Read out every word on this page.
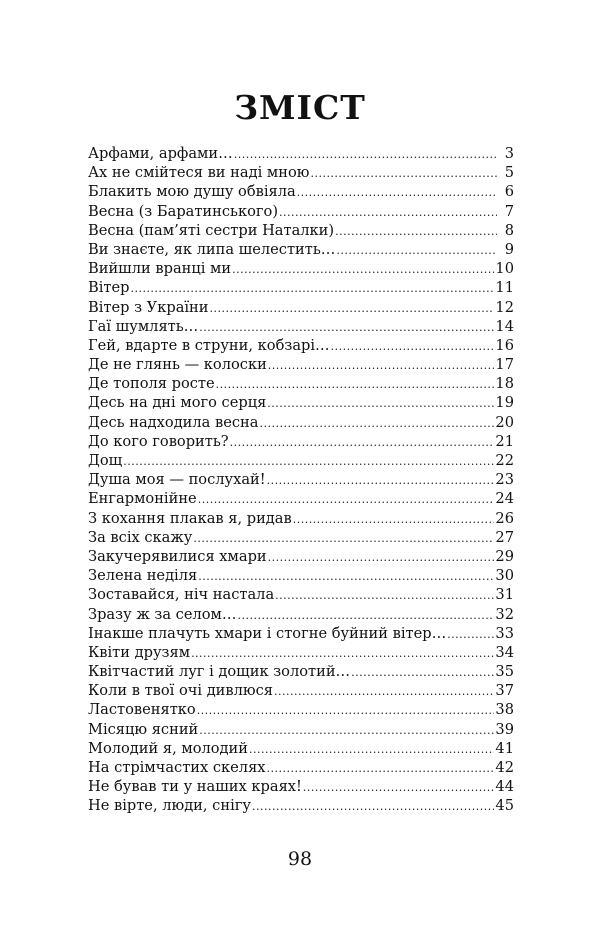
ЗМІСТ
Арфами, арфами… .....	3
Ах не смійтеся ви наді мною .....	5
Блакить мою душу обвіяла .....	6
Весна (з Баратинського) .....	7
Весна (пам’яті сестри Наталки) .....	8
Ви знаєте, як липа шелестить… .....	9
Вийшли вранці ми .....	10
Вітер .....	11
Вітер з України .....	12
Гаї шумлять… .....	14
Гей, вдарте в струни, кобзарі… .....	16
Де не глянь — колоски .....	17
Де тополя росте .....	18
Десь на дні мого серця .....	19
Десь надходила весна .....	20
До кого говорить? .....	21
Дощ .....	22
Душа моя — послухай! .....	23
Енгармонійне .....	24
З кохання плакав я, ридав .....	26
За всіх скажу .....	27
Закучерявилися хмари .....	29
Зелена неділя .....	30
Зоставайся, ніч настала .....	31
Зразу ж за селом… .....	32
Інакше плачуть хмари і стогне буйний вітер… .....	33
Квіти друзям .....	34
Квітчастий луг і дощик золотий… .....	35
Коли в твої очі дивлюся .....	37
Ластовенятко .....	38
Місяцю ясний .....	39
Молодий я, молодий .....	41
На стрімчастих скелях .....	42
Не бував ти у наших краях! .....	44
Не вірте, люди, снігу .....	45
98
